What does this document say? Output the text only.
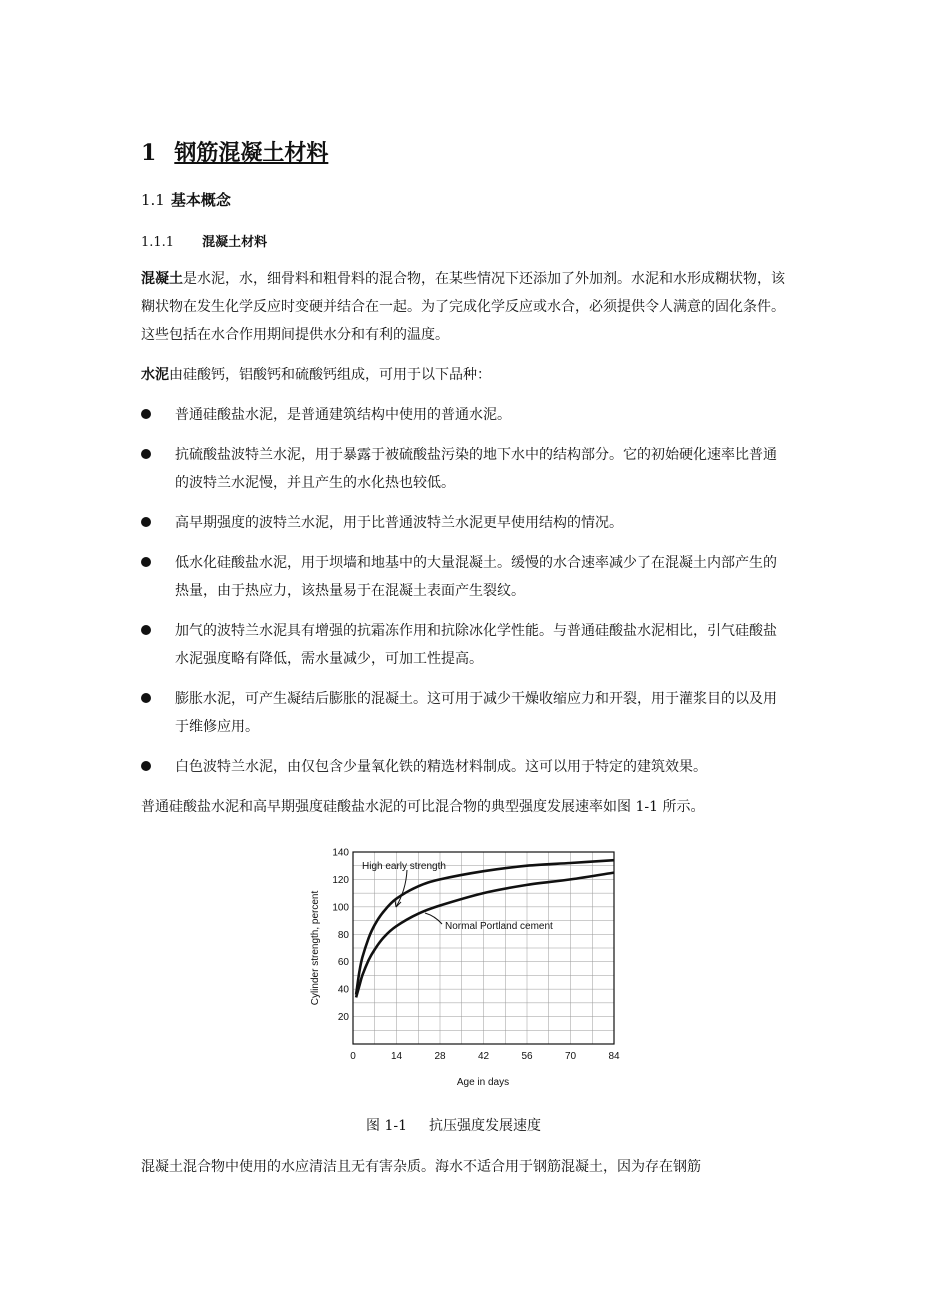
1 钢筋混凝土材料
1.1 基本概念
1.1.1 混凝土材料
混凝土是水泥，水，细骨料和粗骨料的混合物，在某些情况下还添加了外加剂。水泥和水形成糊状物，该糊状物在发生化学反应时变硬并结合在一起。为了完成化学反应或水合，必须提供令人满意的固化条件。这些包括在水合作用期间提供水分和有利的温度。
水泥由硅酸钙，铝酸钙和硫酸钙组成，可用于以下品种：
普通硅酸盐水泥，是普通建筑结构中使用的普通水泥。
抗硫酸盐波特兰水泥，用于暴露于被硫酸盐污染的地下水中的结构部分。它的初始硬化速率比普通的波特兰水泥慢，并且产生的水化热也较低。
高早期强度的波特兰水泥，用于比普通波特兰水泥更早使用结构的情况。
低水化硅酸盐水泥，用于坝墙和地基中的大量混凝土。缓慢的水合速率减少了在混凝土内部产生的热量，由于热应力，该热量易于在混凝土表面产生裂纹。
加气的波特兰水泥具有增强的抗霜冻作用和抗除冰化学性能。与普通硅酸盐水泥相比，引气硅酸盐水泥强度略有降低，需水量减少，可加工性提高。
膨胀水泥，可产生凝结后膨胀的混凝土。这可用于减少干燥收缩应力和开裂，用于灌浆目的以及用于维修应用。
白色波特兰水泥，由仅包含少量氧化铁的精选材料制成。这可以用于特定的建筑效果。
普通硅酸盐水泥和高早期强度硅酸盐水泥的可比混合物的典型强度发展速率如图 1-1 所示。
20
40
60
80
100
120
140
0	14	28	42	56	70	84
High early strength
Normal Portland cement
Age in days
Cylinder strength, percent
图 1-1 抗压强度发展速度
混凝土混合物中使用的水应清洁且无有害杂质。海水不适合用于钢筋混凝土，因为存在钢筋
